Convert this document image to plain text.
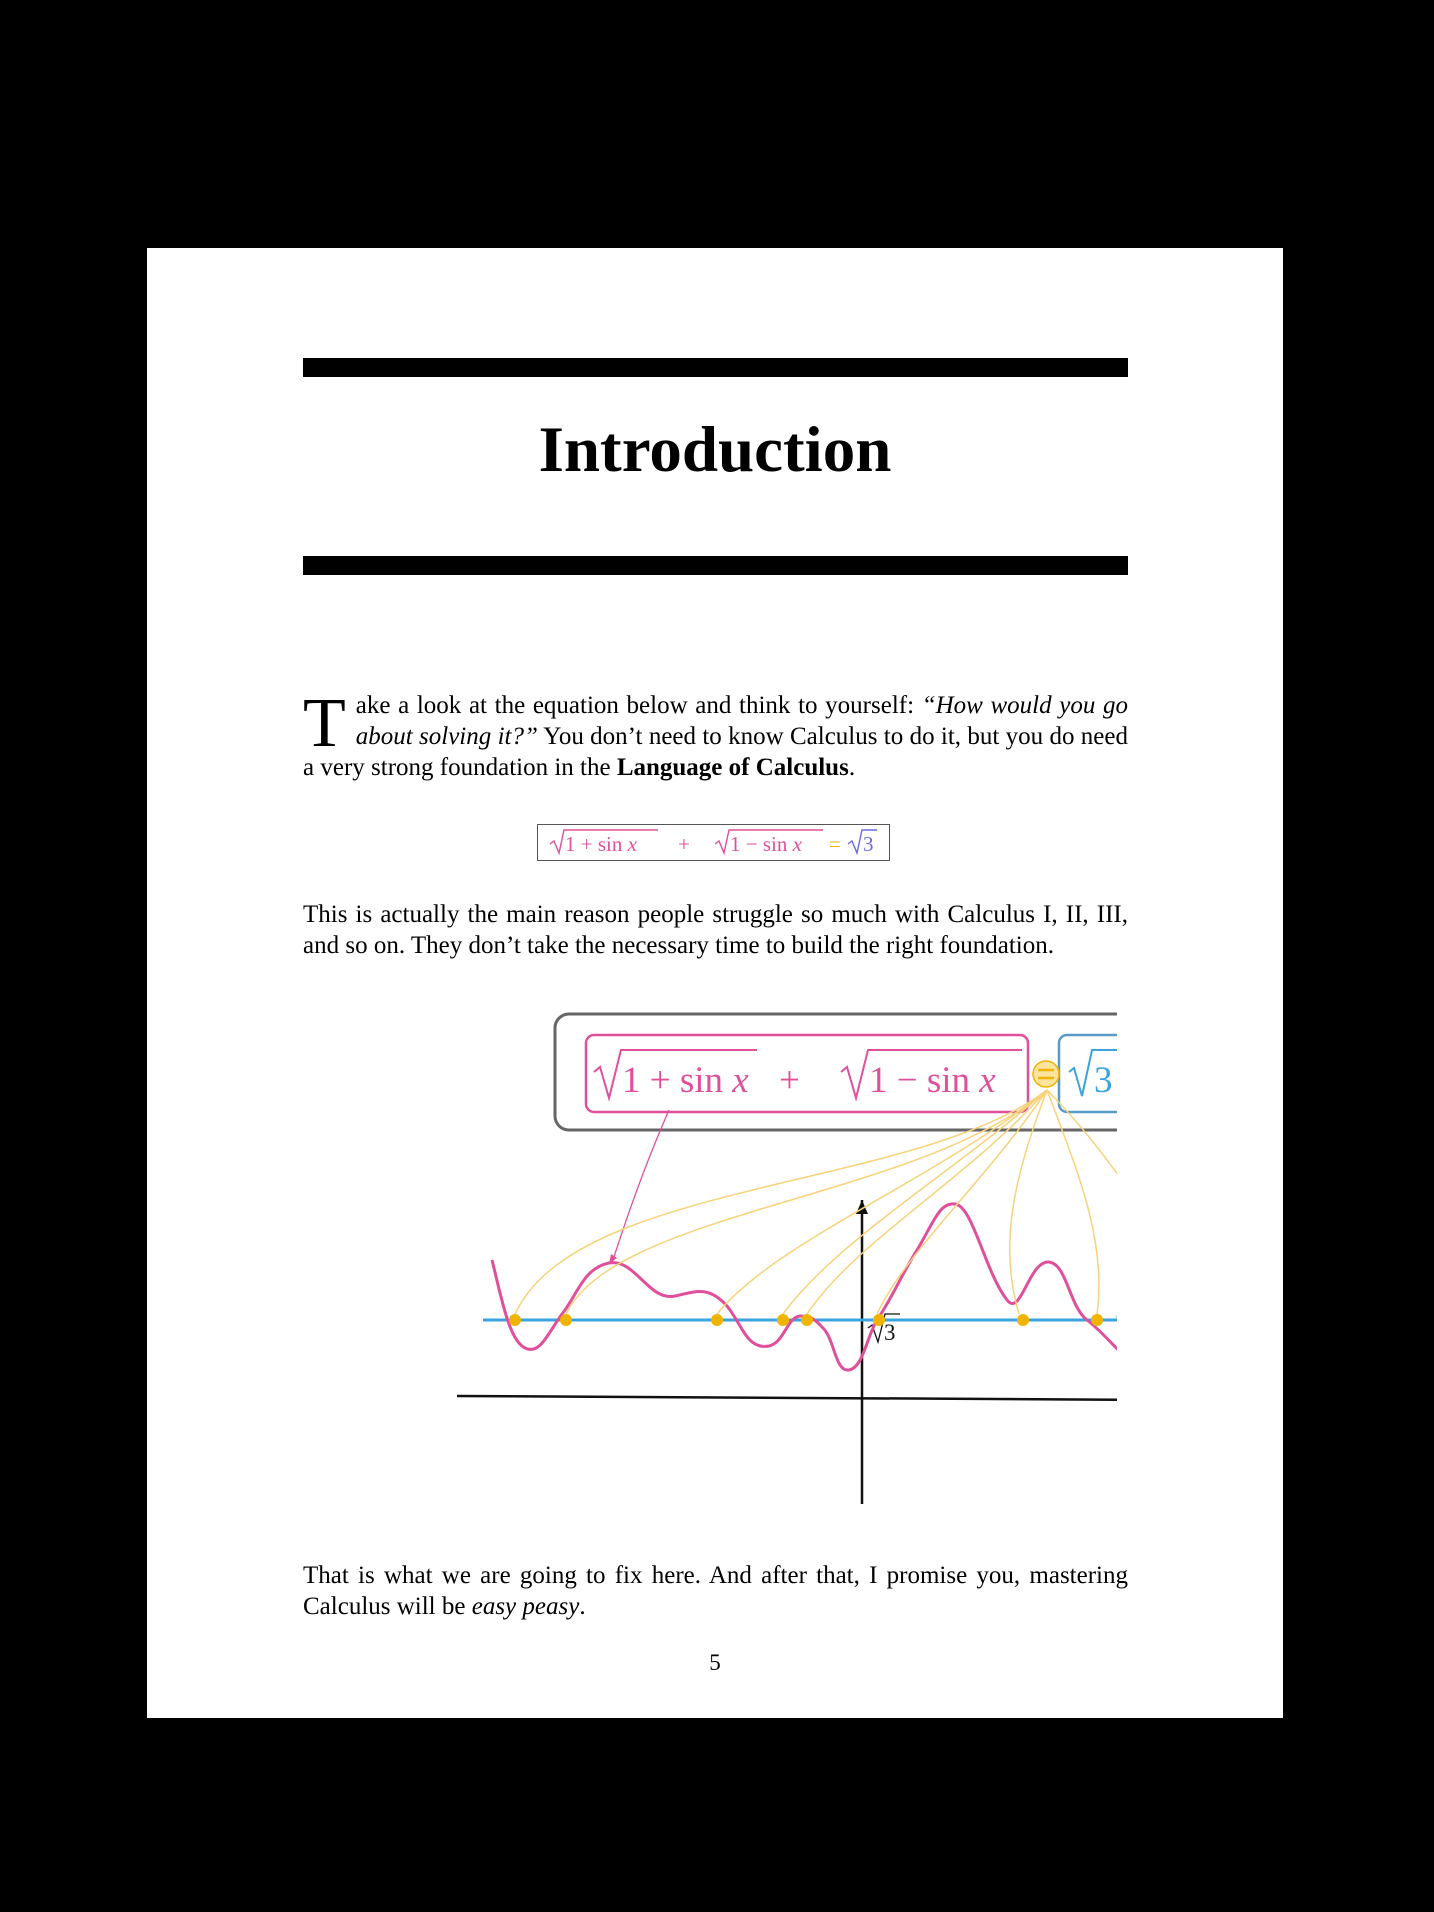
Introduction

Take a look at the equation below and think to yourself: “How would you go about solving it?” You don’t need to know Calculus to do it, but you do need a very strong foundation in the Language of Calculus.

1 + sin x + 1 − sin x = 3

This is actually the main reason people struggle so much with Calculus I, II, III, and so on. They don’t take the necessary time to build the right foundation.

1 + sin x + 1 − sin x	3
3

That is what we are going to fix here. And after that, I promise you, mastering Calculus will be easy peasy.

5
